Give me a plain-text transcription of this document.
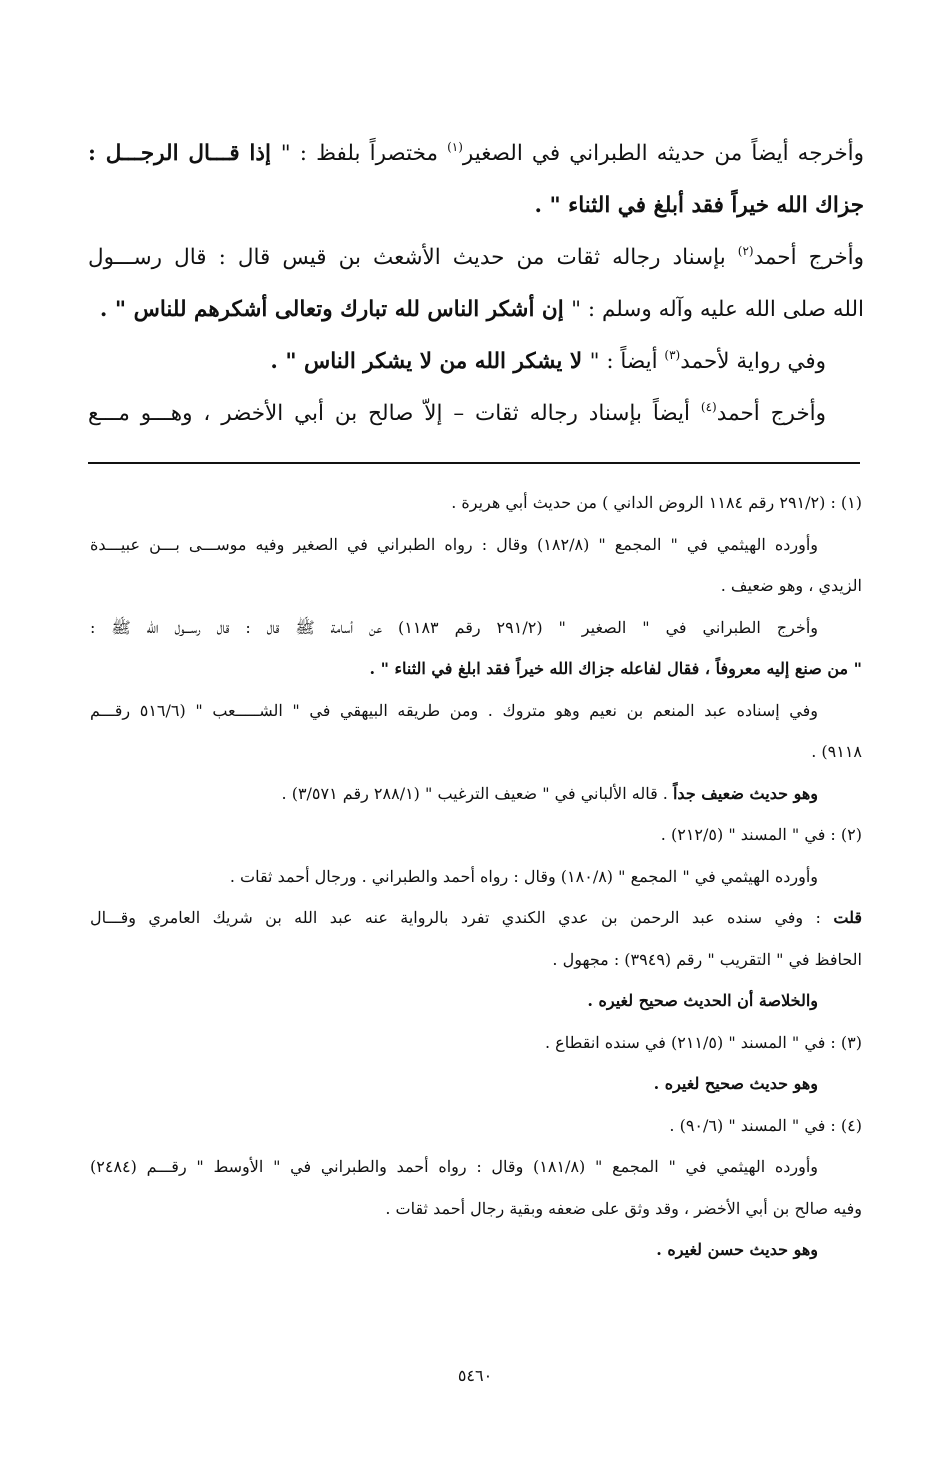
وأخرجه أيضاً من حديثه الطبراني في الصغير$^{(١)}$ مختصراً بلفظ : " إذا قـــال الرجـــل :
جزاك الله خيراً فقد أبلغ في الثناء " .
وأخرج أحمد$^{(٢)}$ بإسناد رجاله ثقات من حديث الأشعث بن قيس قال : قال رســـول
الله صلى الله عليه وآله وسلم : " إن أشكر الناس لله تبارك وتعالى أشكرهم للناس " .
وفي رواية لأحمد$^{(٣)}$ أيضاً : " لا يشكر الله من لا يشكر الناس " .
وأخرج أحمد$^{(٤)}$ أيضاً بإسناد رجاله ثقات – إلاّ صالح بن أبي الأخضر ، وهـــو مـــع
(١) : (٢٩١/٢ رقم ١١٨٤ الروض الداني ) من حديث أبي هريرة .
وأورده الهيثمي في " المجمع " (١٨٢/٨) وقال : رواه الطبراني في الصغير وفيه موســـى بـــن عبيـــدة
الزيدي ، وهو ضعيف .
وأخرج الطبراني في " الصغير " (٢٩١/٢ رقم ١١٨٣) عن أسامة ﷺ قال : قال رســـول الله ﷺ :
" من صنع إليه معروفاً ، فقال لفاعله جزاك الله خيراً فقد ابلغ في الثناء " .
وفي إسناده عبد المنعم بن نعيم وهو متروك . ومن طريقه البيهقي في " الشـــــعب " (٥١٦/٦ رقـــم
٩١١٨) .
وهو حديث ضعيف جداً . قاله الألباني في " ضعيف الترغيب " (٢٨٨/١ رقم ٣/٥٧١) .
(٢) : في " المسند " (٢١٢/٥) .
وأورده الهيثمي في " المجمع " (١٨٠/٨) وقال : رواه أحمد والطبراني . ورجال أحمد ثقات .
قلت : وفي سنده عبد الرحمن بن عدي الكندي تفرد بالرواية عنه عبد الله بن شريك العامري وقـــال
الحافظ في " التقريب " رقم (٣٩٤٩) : مجهول .
والخلاصة أن الحديث صحيح لغيره .
(٣) : في " المسند " (٢١١/٥) في سنده انقطاع .
وهو حديث صحيح لغيره .
(٤) : في " المسند " (٩٠/٦) .
وأورده الهيثمي في " المجمع " (١٨١/٨) وقال : رواه أحمد والطبراني في " الأوسط " رقـــم (٢٤٨٤)
وفيه صالح بن أبي الأخضر ، وقد وثق على ضعفه وبقية رجال أحمد ثقات .
وهو حديث حسن لغيره .
٥٤٦٠
